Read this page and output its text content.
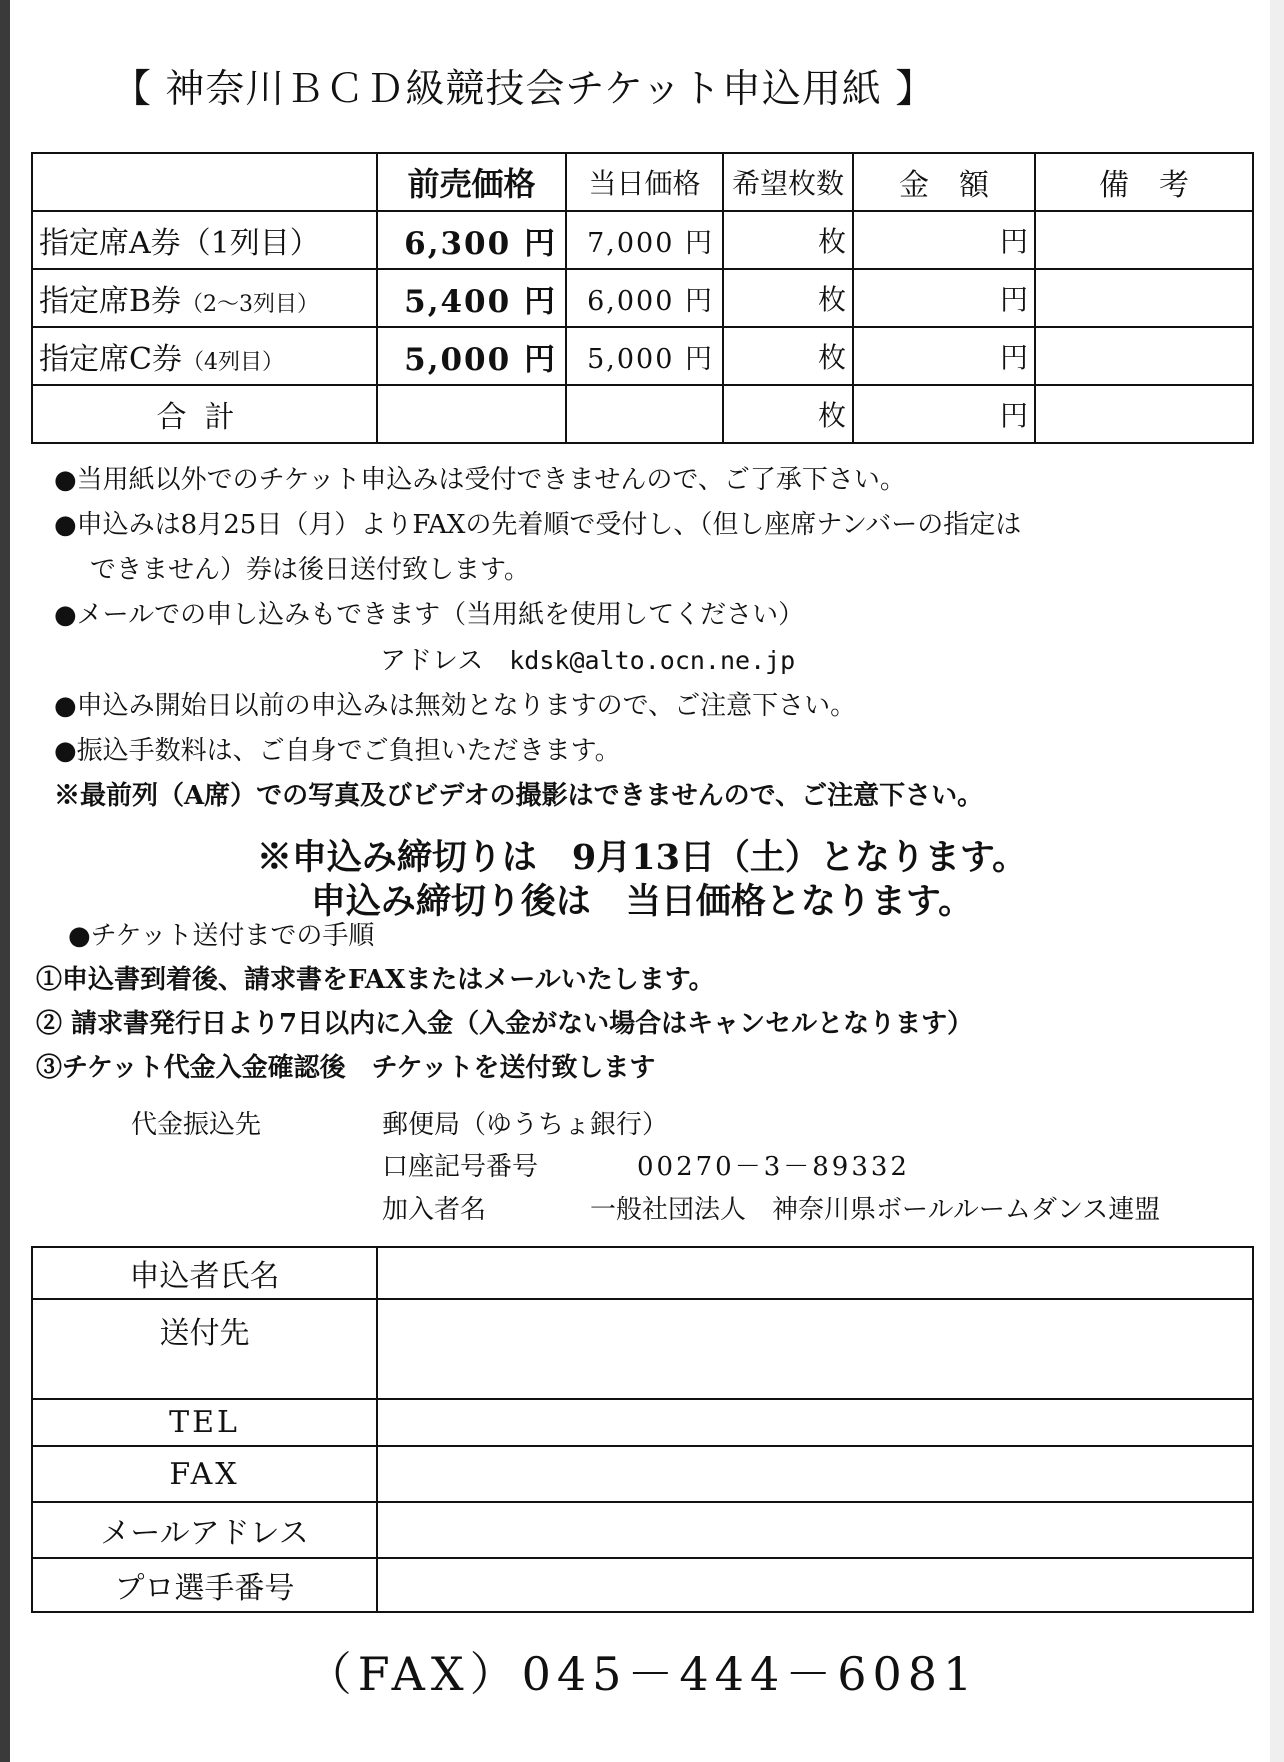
【 神奈川ＢＣＤ級競技会チケット申込用紙 】
	前売価格	当日価格	希望枚数	金　額	備　考
指定席A券（1列目）	6,300 円	7,000 円	枚	円	
指定席B券（2〜3列目）	5,400 円	6,000 円	枚	円	
指定席C券（4列目）	5,000 円	5,000 円	枚	円	
合計			枚	円	

●当用紙以外でのチケット申込みは受付できませんので、ご了承下さい。

●申込みは8月25日（月）よりFAXの先着順で受付し、（但し座席ナンバーの指定は

できません）券は後日送付致します。

●メールでの申し込みもできます（当用紙を使用してください）

アドレス　 kdsk@alto.ocn.ne.jp

●申込み開始日以前の申込みは無効となりますので、ご注意下さい。

●振込手数料は、ご自身でご負担いただきます。

※最前列（A席）での写真及びビデオの撮影はできませんので、ご注意下さい。

※申込み締切りは　9月13日（土）となります。
申込み締切り後は　当日価格となります。

●チケット送付までの手順

①申込書到着後、請求書をFAXまたはメールいたします。

② 請求書発行日より7日以内に入金（入金がない場合はキャンセルとなります）

③チケット代金入金確認後　チケットを送付致します

代金振込先	郵便局（ゆうちょ銀行）
口座記号番号	00270－3－89332
加入者名	一般社団法人　神奈川県ボールルームダンス連盟
申込者氏名	
送付先	
TEL	
FAX	
メールアドレス	
プロ選手番号	
（FAX）045－444－6081
